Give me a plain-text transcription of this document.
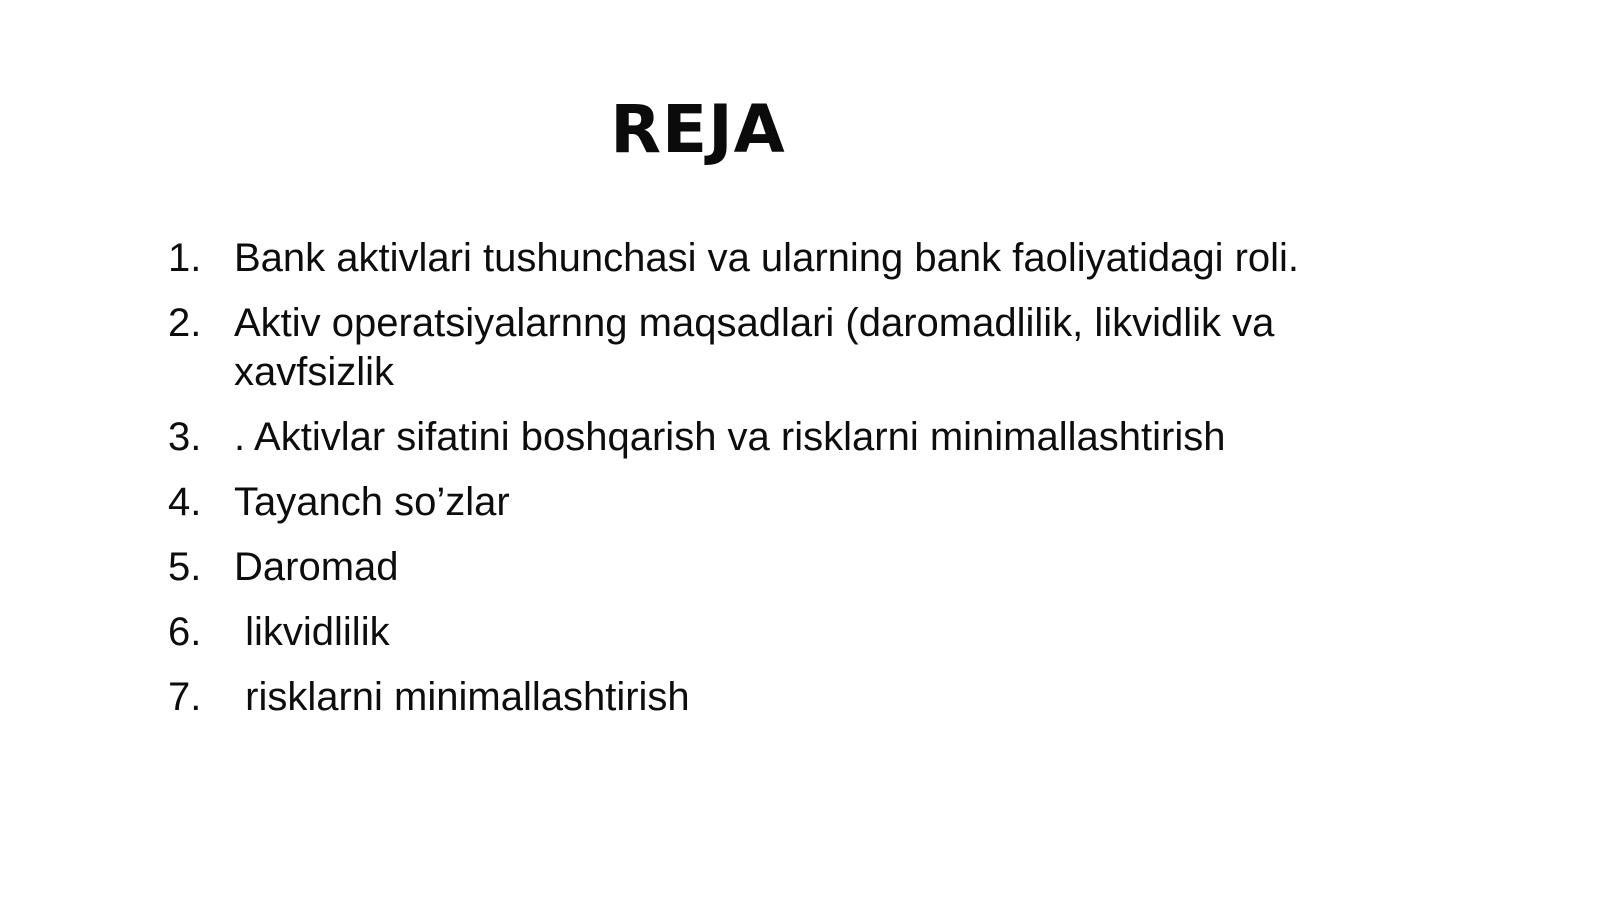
REJA
1. Bank aktivlari tushunchasi va ularning bank faoliyatidagi roli.
2. Aktiv operatsiyalarnng maqsadlari (daromadlilik, likvidlik va xavfsizlik
3. . Aktivlar sifatini boshqarish va risklarni minimallashtirish
4. Tayanch so’zlar
5. Daromad
6. likvidlilik
7. risklarni minimallashtirish
